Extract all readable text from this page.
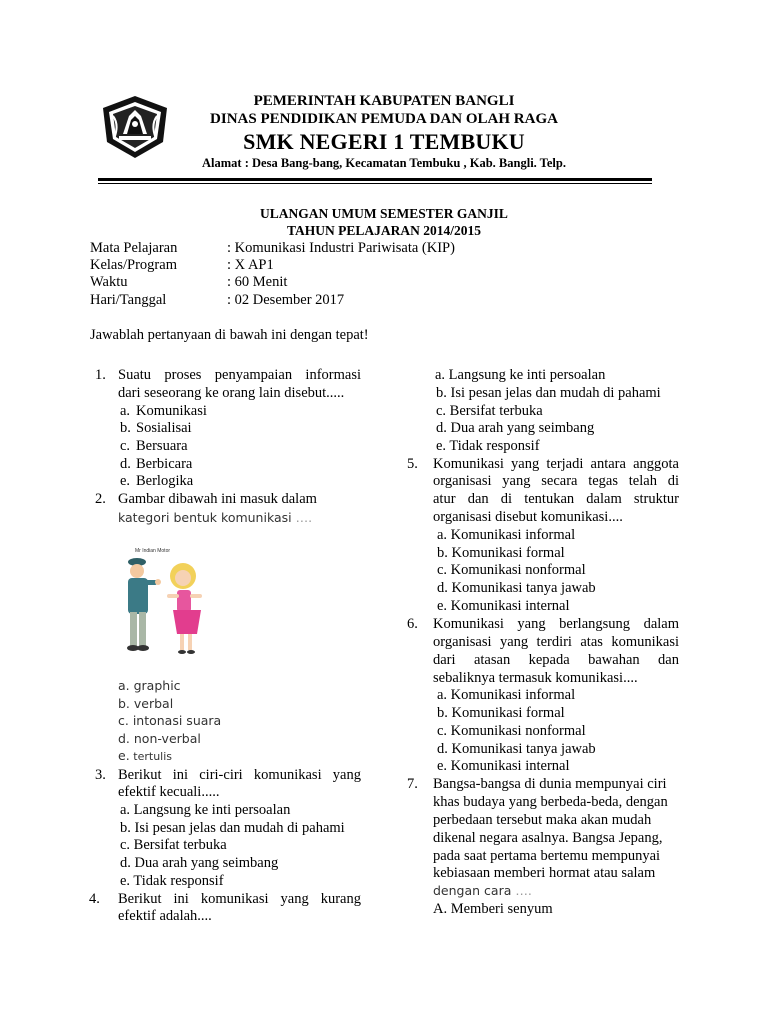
PEMERINTAH KABUPATEN BANGLI
DINAS PENDIDIKAN PEMUDA DAN OLAH RAGA
SMK NEGERI 1 TEMBUKU
Alamat : Desa Bang-bang, Kecamatan Tembuku , Kab. Bangli. Telp.
ULANGAN UMUM SEMESTER GANJIL
TAHUN PELAJARAN 2014/2015
Mata Pelajaran	: Komunikasi Industri Pariwisata (KIP)
Kelas/Program	: X AP1
Waktu	: 60 Menit
Hari/Tanggal	: 02 Desember 2017
Jawablah pertanyaan di bawah ini dengan tepat!
1. Suatu proses penyampaian informasi
dari seseorang ke orang lain disebut.....
a. Komunikasi
b. Sosialisai
c. Bersuara
d. Berbicara
e. Berlogika
2. Gambar dibawah ini masuk dalam
kategori bentuk komunikasi ….
Mr Indian Motor
a. graphic
b. verbal
c. intonasi suara
d. non-verbal
e. tertulis
3. Berikut ini ciri-ciri komunikasi yang
efektif kecuali.....
a. Langsung ke inti persoalan
b. Isi pesan jelas dan mudah di pahami
c. Bersifat terbuka
d. Dua arah yang seimbang
e. Tidak responsif
4. Berikut ini komunikasi yang kurang
efektif adalah....
a. Langsung ke inti persoalan
b. Isi pesan jelas dan mudah di pahami
c. Bersifat terbuka
d. Dua arah yang seimbang
e. Tidak responsif
5. Komunikasi yang terjadi antara anggota
organisasi yang secara tegas telah di
atur dan di tentukan dalam struktur
organisasi disebut komunikasi....
a. Komunikasi informal
b. Komunikasi formal
c. Komunikasi nonformal
d. Komunikasi tanya jawab
e. Komunikasi internal
6. Komunikasi yang berlangsung dalam
organisasi yang terdiri atas komunikasi
dari atasan kepada bawahan dan
sebaliknya termasuk komunikasi....
a. Komunikasi informal
b. Komunikasi formal
c. Komunikasi nonformal
d. Komunikasi tanya jawab
e. Komunikasi internal
7. Bangsa-bangsa di dunia mempunyai ciri
khas budaya yang berbeda-beda, dengan
perbedaan tersebut maka akan mudah
dikenal negara asalnya. Bangsa Jepang,
pada saat pertama bertemu mempunyai
kebiasaan memberi hormat atau salam
dengan cara ….
A. Memberi senyum
